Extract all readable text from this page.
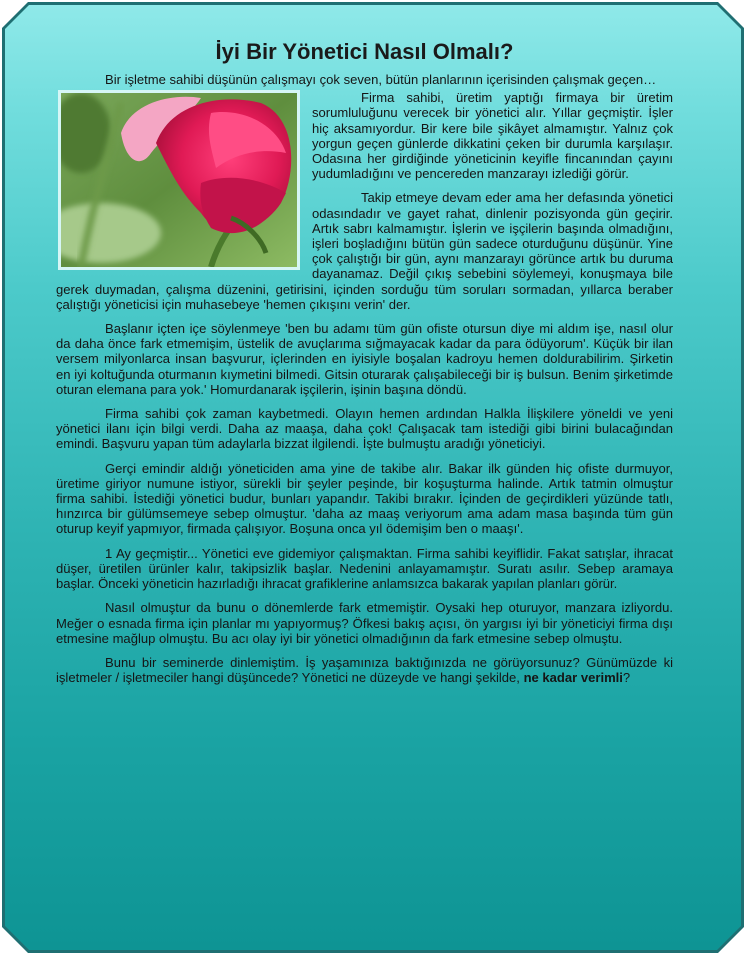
İyi Bir Yönetici Nasıl Olmalı?

Bir işletme sahibi düşünün çalışmayı çok seven, bütün planlarının içerisinden çalışmak geçen…

Firma sahibi, üretim yaptığı firmaya bir üretim sorumluluğunu verecek bir yönetici alır. Yıllar geçmiştir. İşler hiç aksamıyordur. Bir kere bile şikâyet almamıştır. Yalnız çok yorgun geçen günlerde dikkatini çeken bir durumla karşılaşır. Odasına her girdiğinde yöneticinin keyifle fincanından çayını yudumladığını ve pencereden manzarayı izlediği görür.

Takip etmeye devam eder ama her defasında yönetici odasındadır ve gayet rahat, dinlenir pozisyonda gün geçirir. Artık sabrı kalmamıştır. İşlerin ve işçilerin başında olmadığını, işleri boşladığını bütün gün sadece oturduğunu düşünür. Yine çok çalıştığı bir gün, aynı manzarayı görünce artık bu duruma dayanamaz. Değil çıkış sebebini söylemeyi, konuşmaya bile gerek duymadan, çalışma düzenini, getirisini, içinden sorduğu tüm soruları sormadan, yıllarca beraber çalıştığı yöneticisi için muhasebeye 'hemen çıkışını verin' der.

Başlanır içten içe söylenmeye 'ben bu adamı tüm gün ofiste otursun diye mi aldım işe, nasıl olur da daha önce fark etmemişim, üstelik de avuçlarıma sığmayacak kadar da para ödüyorum'. Küçük bir ilan versem milyonlarca insan başvurur, içlerinden en iyisiyle boşalan kadroyu hemen doldurabilirim. Şirketin en iyi koltuğunda oturmanın kıymetini bilmedi. Gitsin oturarak çalışabileceği bir iş bulsun. Benim şirketimde oturan elemana para yok.' Homurdanarak işçilerin, işinin başına döndü.

Firma sahibi çok zaman kaybetmedi. Olayın hemen ardından Halkla İlişkilere yöneldi ve yeni yönetici ilanı için bilgi verdi. Daha az maaşa, daha çok! Çalışacak tam istediği gibi birini bulacağından emindi. Başvuru yapan tüm adaylarla bizzat ilgilendi. İşte bulmuştu aradığı yöneticiyi.

Gerçi emindir aldığı yöneticiden ama yine de takibe alır. Bakar ilk günden hiç ofiste durmuyor, üretime giriyor numune istiyor, sürekli bir şeyler peşinde, bir koşuşturma halinde. Artık tatmin olmuştur firma sahibi. İstediği yönetici budur, bunları yapandır. Takibi bırakır. İçinden de geçirdikleri yüzünde tatlı, hınzırca bir gülümsemeye sebep olmuştur. 'daha az maaş veriyorum ama adam masa başında tüm gün oturup keyif yapmıyor, firmada çalışıyor. Boşuna onca yıl ödemişim ben o maaşı'.

1 Ay geçmiştir... Yönetici eve gidemiyor çalışmaktan. Firma sahibi keyiflidir. Fakat satışlar, ihracat düşer, üretilen ürünler kalır, takipsizlik başlar. Nedenini anlayamamıştır. Suratı asılır. Sebep aramaya başlar. Önceki yöneticin hazırladığı ihracat grafiklerine anlamsızca bakarak yapılan planları görür.

Nasıl olmuştur da bunu o dönemlerde fark etmemiştir. Oysaki hep oturuyor, manzara izliyordu. Meğer o esnada firma için planlar mı yapıyormuş? Öfkesi bakış açısı, ön yargısı iyi bir yöneticiyi firma dışı etmesine mağlup olmuştu. Bu acı olay iyi bir yönetici olmadığının da fark etmesine sebep olmuştu.

Bunu bir seminerde dinlemiştim. İş yaşamınıza baktığınızda ne görüyorsunuz? Günümüzde ki işletmeler / işletmeciler hangi düşüncede? Yönetici ne düzeyde ve hangi şekilde, ne kadar verimli?
